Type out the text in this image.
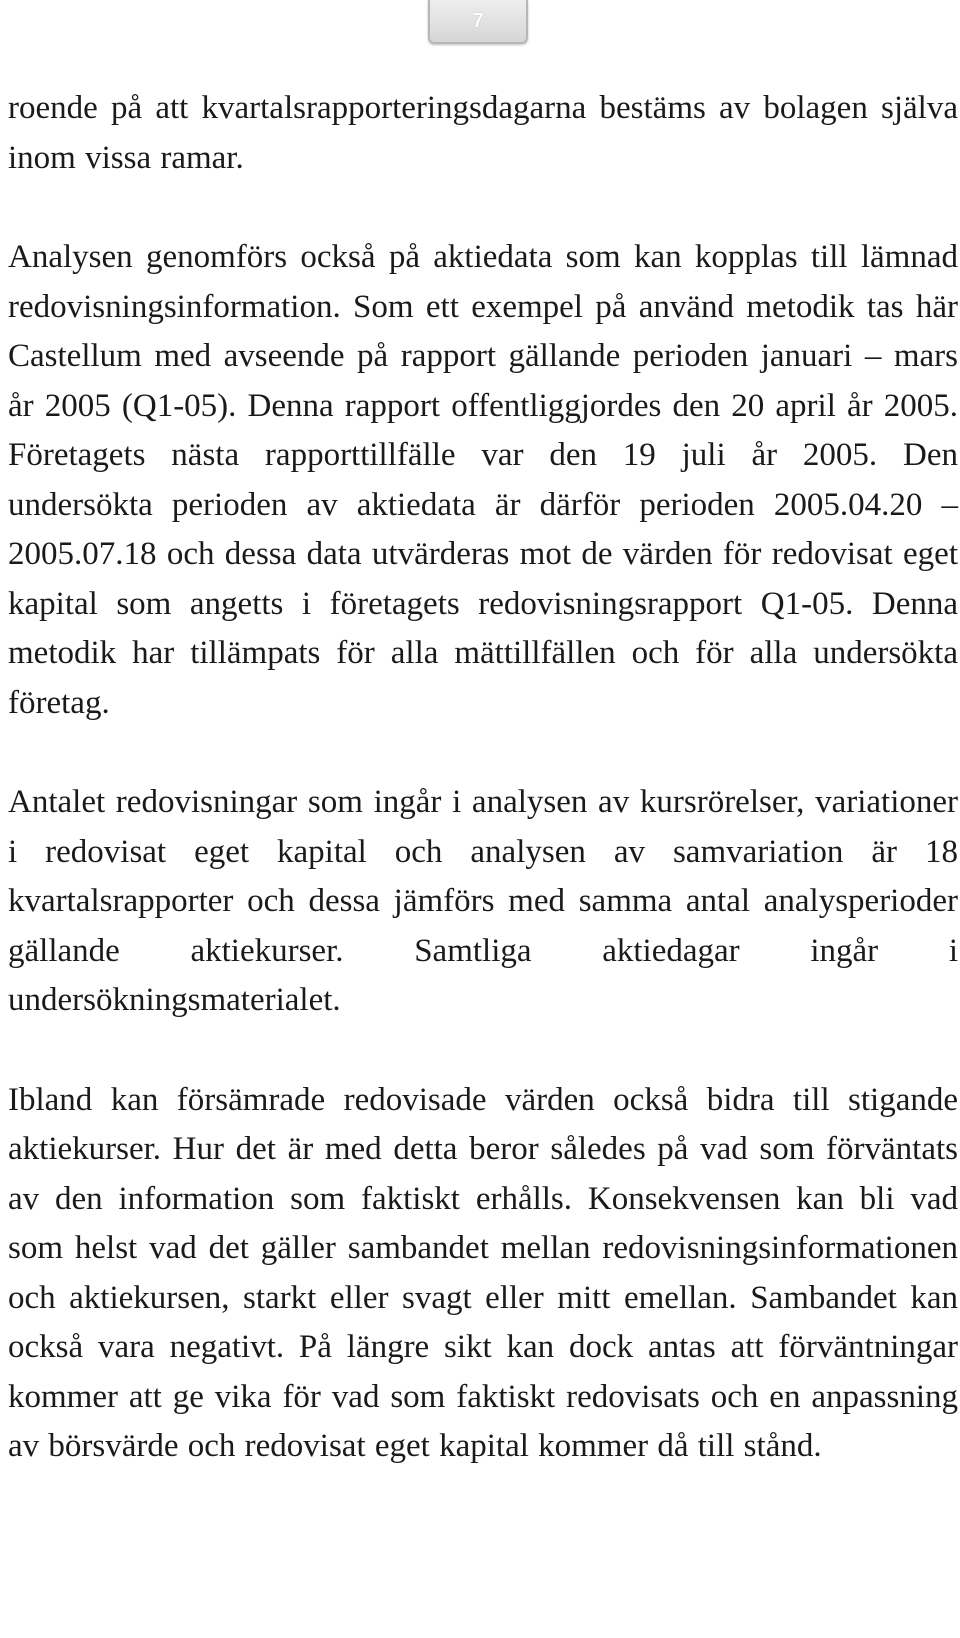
7

roende på att kvartalsrapporteringsdagarna bestäms av bolagen själva inom vissa ramar.

Analysen genomförs också på aktiedata som kan kopplas till lämnad redovisningsinformation. Som ett exempel på använd metodik tas här Castellum med avseende på rapport gällande perioden januari – mars år 2005 (Q1-05). Denna rapport offentliggjordes den 20 april år 2005. Företagets nästa rapporttillfälle var den 19 juli år 2005. Den undersökta perioden av aktiedata är därför perioden 2005.04.20 – 2005.07.18 och dessa data utvärderas mot de värden för redovisat eget kapital som angetts i företagets redovisningsrapport Q1-05. Denna metodik har tillämpats för alla mättillfällen och för alla undersökta företag.

Antalet redovisningar som ingår i analysen av kursrörelser, variationer i redovisat eget kapital och analysen av samvariation är 18 kvartalsrapporter och dessa jämförs med samma antal analysperioder gällande aktiekurser. Samtliga aktiedagar ingår i undersökningsmaterialet.

Ibland kan försämrade redovisade värden också bidra till stigande aktiekurser. Hur det är med detta beror således på vad som förväntats av den information som faktiskt erhålls. Konsekvensen kan bli vad som helst vad det gäller sambandet mellan redovisningsinformationen och aktiekursen, starkt eller svagt eller mitt emellan. Sambandet kan också vara negativt. På längre sikt kan dock antas att förväntningar kommer att ge vika för vad som faktiskt redovisats och en anpassning av börsvärde och redovisat eget kapital kommer då till stånd.
